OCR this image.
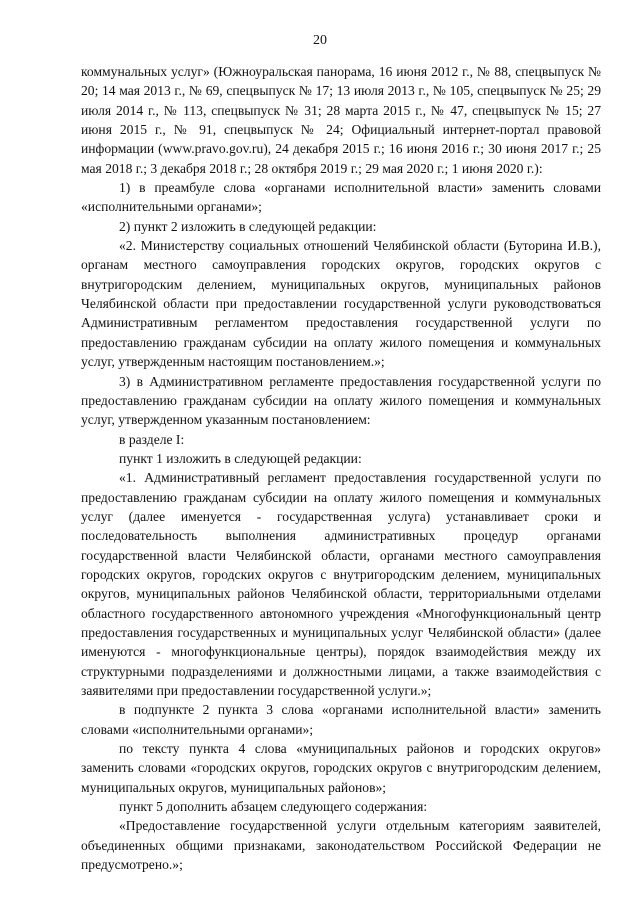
20

коммунальных услуг» (Южноуральская панорама, 16 июня 2012 г., № 88, спецвыпуск № 20; 14 мая 2013 г., № 69, спецвыпуск № 17; 13 июля 2013 г., № 105, спецвыпуск № 25; 29 июля 2014 г., № 113, спецвыпуск № 31; 28 марта 2015 г., № 47, спецвыпуск № 15; 27 июня 2015 г., № 91, спецвыпуск № 24; Официальный интернет-портал правовой информации (www.pravo.gov.ru), 24 декабря 2015 г.; 16 июня 2016 г.; 30 июня 2017 г.; 25 мая 2018 г.; 3 декабря 2018 г.; 28 октября 2019 г.; 29 мая 2020 г.; 1 июня 2020 г.):

1) в преамбуле слова «органами исполнительной власти» заменить словами «исполнительными органами»;

2) пункт 2 изложить в следующей редакции:

«2. Министерству социальных отношений Челябинской области (Буторина И.В.), органам местного самоуправления городских округов, городских округов с внутригородским делением, муниципальных округов, муниципальных районов Челябинской области при предоставлении государственной услуги руководствоваться Административным регламентом предоставления государственной услуги по предоставлению гражданам субсидии на оплату жилого помещения и коммунальных услуг, утвержденным настоящим постановлением.»;

3) в Административном регламенте предоставления государственной услуги по предоставлению гражданам субсидии на оплату жилого помещения и коммунальных услуг, утвержденном указанным постановлением:

в разделе I:

пункт 1 изложить в следующей редакции:

«1. Административный регламент предоставления государственной услуги по предоставлению гражданам субсидии на оплату жилого помещения и коммунальных услуг (далее именуется - государственная услуга) устанавливает сроки и последовательность выполнения административных процедур органами государственной власти Челябинской области, органами местного самоуправления городских округов, городских округов с внутригородским делением, муниципальных округов, муниципальных районов Челябинской области, территориальными отделами областного государственного автономного учреждения «Многофункциональный центр предоставления государственных и муниципальных услуг Челябинской области» (далее именуются - многофункциональные центры), порядок взаимодействия между их структурными подразделениями и должностными лицами, а также взаимодействия с заявителями при предоставлении государственной услуги.»;

в подпункте 2 пункта 3 слова «органами исполнительной власти» заменить словами «исполнительными органами»;

по тексту пункта 4 слова «муниципальных районов и городских округов» заменить словами «городских округов, городских округов с внутригородским делением, муниципальных округов, муниципальных районов»;

пункт 5 дополнить абзацем следующего содержания:

«Предоставление государственной услуги отдельным категориям заявителей, объединенных общими признаками, законодательством Российской Федерации не предусмотрено.»;
